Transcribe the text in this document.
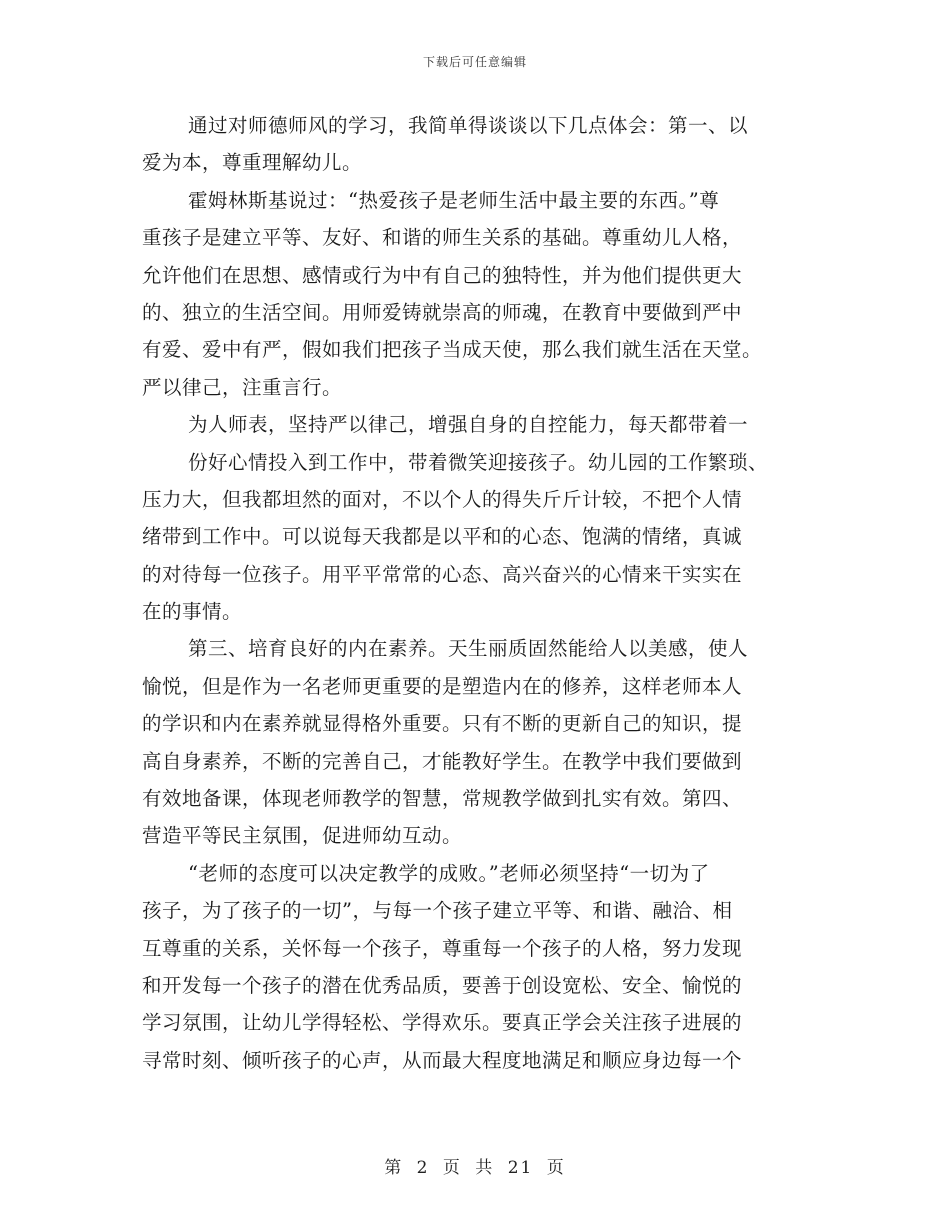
下载后可任意编辑
通过对师德师风的学习，我简单得谈谈以下几点体会：第一、以
爱为本，尊重理解幼儿。
霍姆林斯基说过：“热爱孩子是老师生活中最主要的东西。”尊
重孩子是建立平等、友好、和谐的师生关系的基础。尊重幼儿人格，
允许他们在思想、感情或行为中有自己的独特性，并为他们提供更大
的、独立的生活空间。用师爱铸就崇高的师魂，在教育中要做到严中
有爱、爱中有严，假如我们把孩子当成天使，那么我们就生活在天堂。
严以律己，注重言行。
为人师表，坚持严以律己，增强自身的自控能力，每天都带着一
份好心情投入到工作中，带着微笑迎接孩子。幼儿园的工作繁琐、
压力大，但我都坦然的面对，不以个人的得失斤斤计较，不把个人情
绪带到工作中。可以说每天我都是以平和的心态、饱满的情绪，真诚
的对待每一位孩子。用平平常常的心态、高兴奋兴的心情来干实实在
在的事情。
第三、培育良好的内在素养。天生丽质固然能给人以美感，使人
愉悦，但是作为一名老师更重要的是塑造内在的修养，这样老师本人
的学识和内在素养就显得格外重要。只有不断的更新自己的知识，提
高自身素养，不断的完善自己，才能教好学生。在教学中我们要做到
有效地备课，体现老师教学的智慧，常规教学做到扎实有效。第四、
营造平等民主氛围，促进师幼互动。
“老师的态度可以决定教学的成败。”老师必须坚持“一切为了
孩子，为了孩子的一切”，与每一个孩子建立平等、和谐、融洽、相
互尊重的关系，关怀每一个孩子，尊重每一个孩子的人格，努力发现
和开发每一个孩子的潜在优秀品质，要善于创设宽松、安全、愉悦的
学习氛围，让幼儿学得轻松、学得欢乐。要真正学会关注孩子进展的
寻常时刻、倾听孩子的心声，从而最大程度地满足和顺应身边每一个
第 2 页 共 21 页
